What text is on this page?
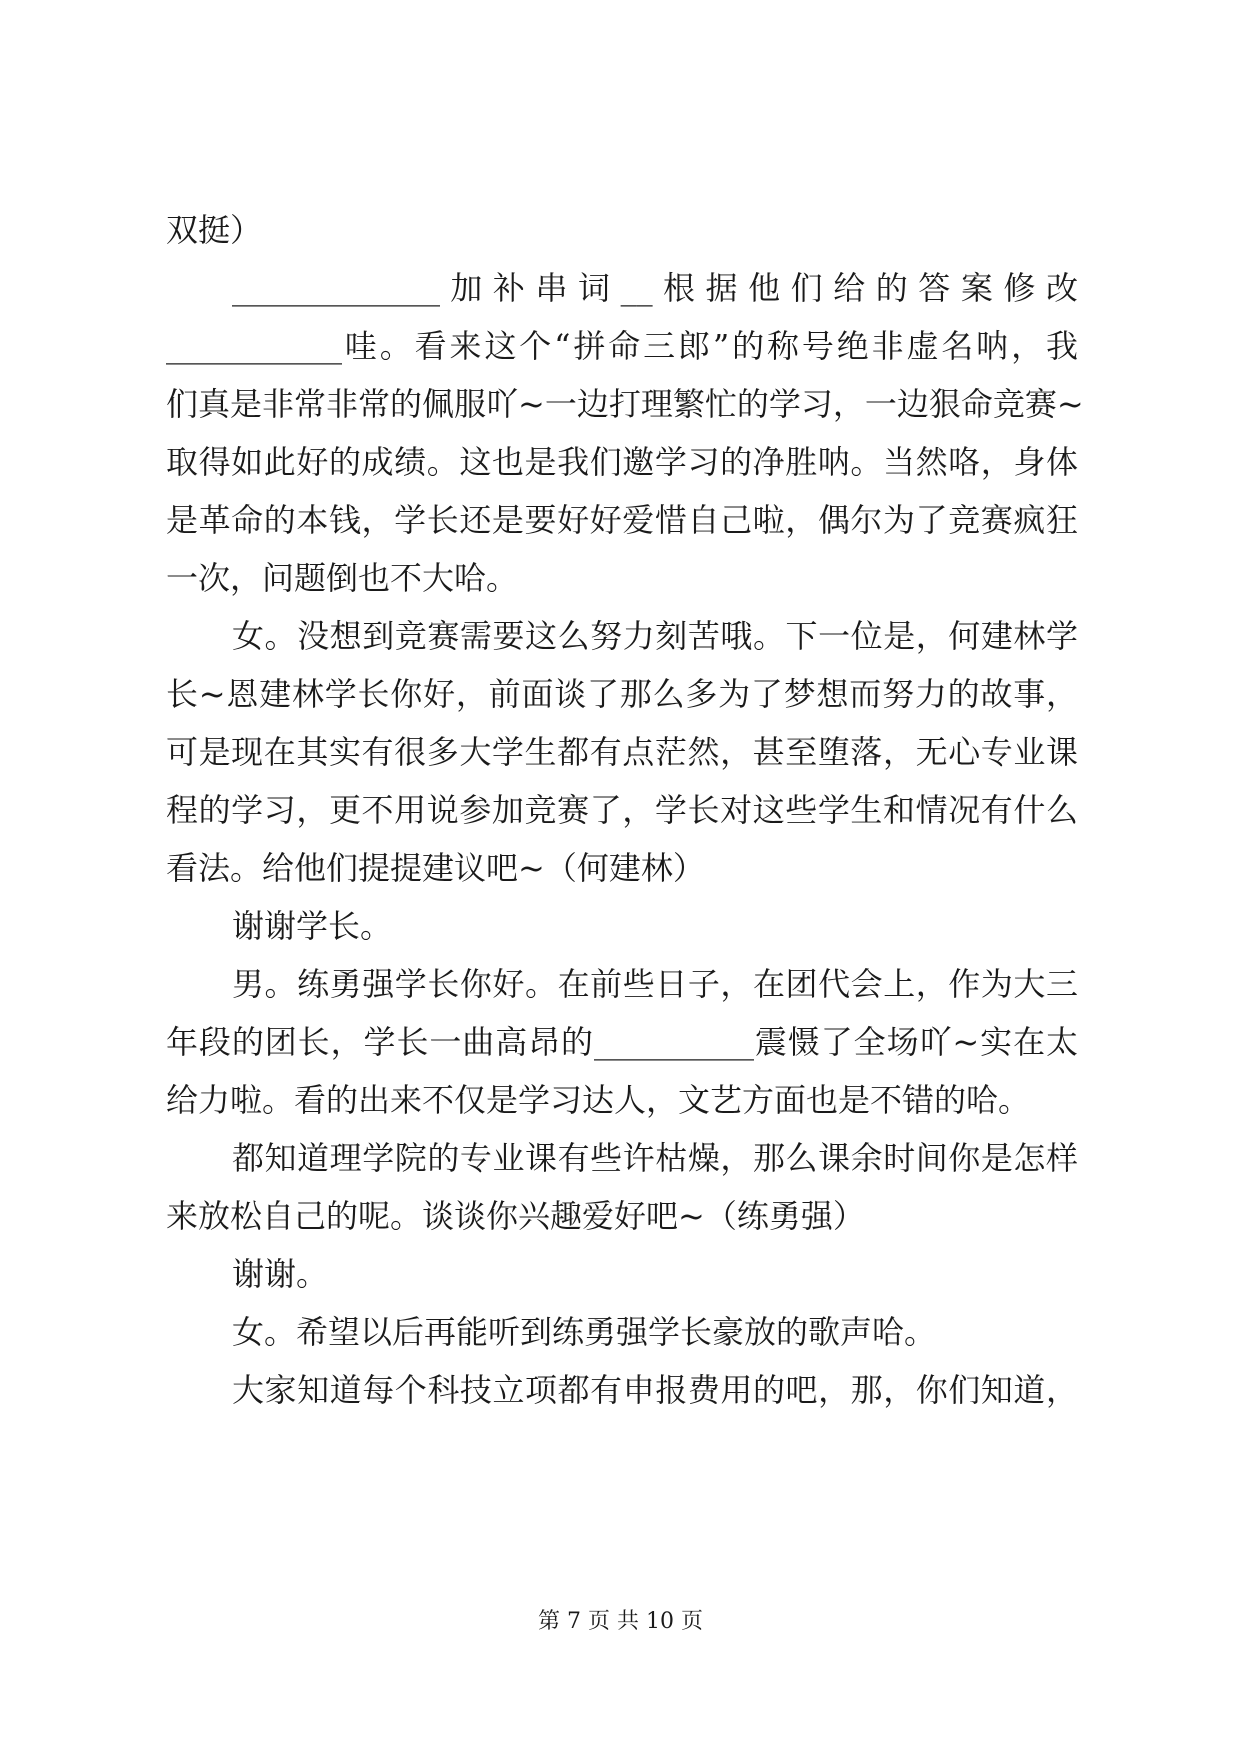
双挺）
_____________ 加 补 串 词 __ 根 据 他 们 给 的 答 案 修 改
___________哇。看来这个“拼命三郎”的称号绝非虚名呐，我
们真是非常非常的佩服吖~一边打理繁忙的学习，一边狠命竞赛~
取得如此好的成绩。这也是我们邀学习的净胜呐。当然咯，身体
是革命的本钱，学长还是要好好爱惜自己啦，偶尔为了竞赛疯狂
一次，问题倒也不大哈。
女。没想到竞赛需要这么努力刻苦哦。下一位是，何建林学
长~恩建林学长你好，前面谈了那么多为了梦想而努力的故事，
可是现在其实有很多大学生都有点茫然，甚至堕落，无心专业课
程的学习，更不用说参加竞赛了，学长对这些学生和情况有什么
看法。给他们提提建议吧~（何建林）
谢谢学长。
男。练勇强学长你好。在前些日子，在团代会上，作为大三
年段的团长，学长一曲高昂的__________震慑了全场吖~实在太
给力啦。看的出来不仅是学习达人，文艺方面也是不错的哈。
都知道理学院的专业课有些许枯燥，那么课余时间你是怎样
来放松自己的呢。谈谈你兴趣爱好吧~（练勇强）
谢谢。
女。希望以后再能听到练勇强学长豪放的歌声哈。
大家知道每个科技立项都有申报费用的吧，那，你们知道，
第 7 页 共 10 页
